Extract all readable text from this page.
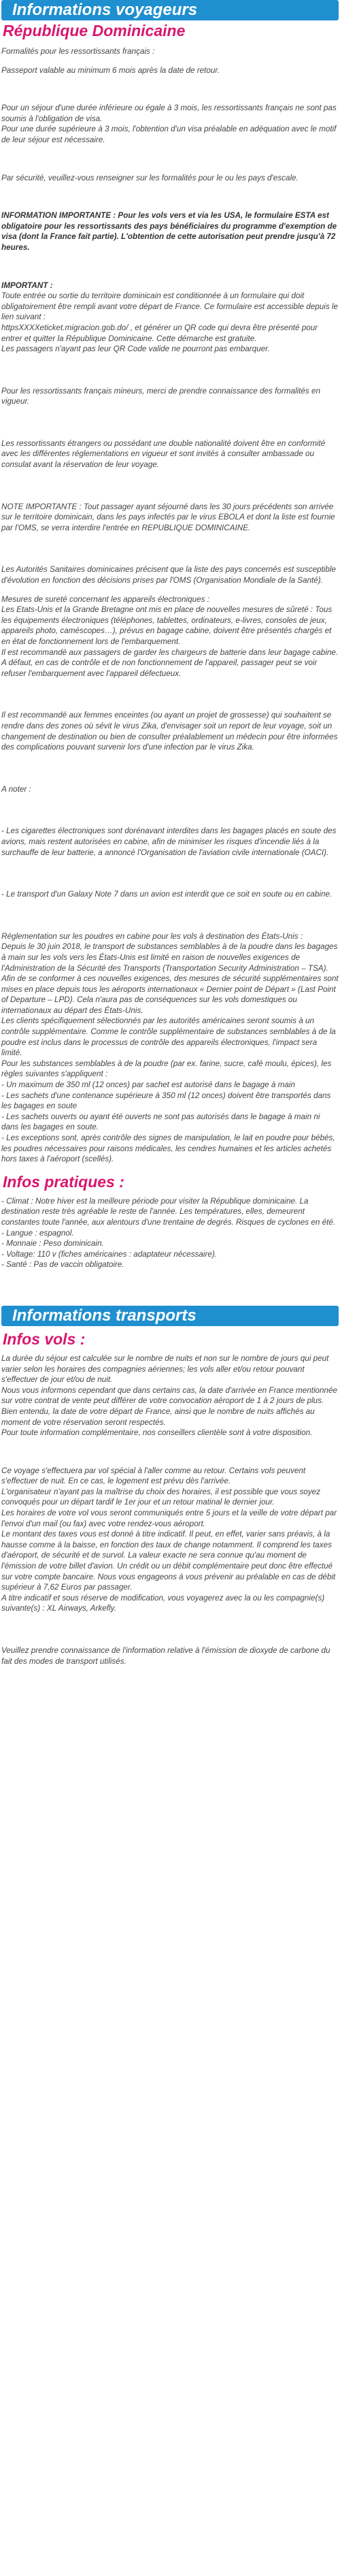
Informations voyageurs
République Dominicaine

Formalités pour les ressortissants français :

Passeport valable au minimum 6 mois après la date de retour.

Pour un séjour d'une durée inférieure ou égale à 3 mois, les ressortissants français ne sont pas soumis à l'obligation de visa.
Pour une durée supérieure à 3 mois, l'obtention d'un visa préalable en adéquation avec le motif de leur séjour est nécessaire.

Par sécurité, veuillez-vous renseigner sur les formalités pour le ou les pays d'escale.

INFORMATION IMPORTANTE : Pour les vols vers et via les USA, le formulaire ESTA est obligatoire pour les ressortissants des pays bénéficiaires du programme d'exemption de visa (dont la France fait partie). L'obtention de cette autorisation peut prendre jusqu'à 72 heures.

IMPORTANT :

Toute entrée ou sortie du territoire dominicain est conditionnée à un formulaire qui doit obligatoirement être rempli avant votre départ de France. Ce formulaire est accessible depuis le lien suivant :
httpsXXXXeticket.migracion.gob.do/ , et générer un QR code qui devra être présenté pour entrer et quitter la République Dominicaine. Cette démarche est gratuite.
Les passagers n'ayant pas leur QR Code valide ne pourront pas embarquer.

Pour les ressortissants français mineurs, merci de prendre connaissance des formalités en vigueur.

Les ressortissants étrangers ou possédant une double nationalité doivent être en conformité avec les différentes réglementations en vigueur et sont invités à consulter ambassade ou consulat avant la réservation de leur voyage.

NOTE IMPORTANTE : Tout passager ayant séjourné dans les 30 jours précédents son arrivée sur le territoire dominicain, dans les pays infectés par le virus EBOLA et dont la liste est fournie par l'OMS, se verra interdire l'entrée en REPUBLIQUE DOMINICAINE.

Les Autorités Sanitaires dominicaines précisent que la liste des pays concernés est susceptible d'évolution en fonction des décisions prises par l'OMS (Organisation Mondiale de la Santé).

Mesures de sureté concernant les appareils électroniques :
Les Etats-Unis et la Grande Bretagne ont mis en place de nouvelles mesures de sûreté : Tous les équipements électroniques (téléphones, tablettes, ordinateurs, e-livres, consoles de jeux, appareils photo, caméscopes…), prévus en bagage cabine, doivent être présentés chargés et en état de fonctionnement lors de l'embarquement.
Il est recommandé aux passagers de garder les chargeurs de batterie dans leur bagage cabine. A défaut, en cas de contrôle et de non fonctionnement de l'appareil, passager peut se voir refuser l'embarquement avec l'appareil défectueux.

Il est recommandé aux femmes enceintes (ou ayant un projet de grossesse) qui souhaitent se rendre dans des zones où sévit le virus Zika, d'envisager soit un report de leur voyage, soit un changement de destination ou bien de consulter préalablement un médecin pour être informées des complications pouvant survenir lors d'une infection par le virus Zika.

A noter :

- Les cigarettes électroniques sont dorénavant interdites dans les bagages placés en soute des avions, mais restent autorisées en cabine, afin de minimiser les risques d'incendie liés à la surchauffe de leur batterie, a annoncé l'Organisation de l'aviation civile internationale (OACI).

- Le transport d'un Galaxy Note 7 dans un avion est interdit que ce soit en soute ou en cabine.

Réglementation sur les poudres en cabine pour les vols à destination des États-Unis :
Depuis le 30 juin 2018, le transport de substances semblables à de la poudre dans les bagages à main sur les vols vers les États-Unis est limité en raison de nouvelles exigences de l'Administration de la Sécurité des Transports (Transportation Security Administration – TSA).
Afin de se conformer à ces nouvelles exigences, des mesures de sécurité supplémentaires sont mises en place depuis tous les aéroports internationaux « Dernier point de Départ » (Last Point of Departure – LPD). Cela n'aura pas de conséquences sur les vols domestiques ou internationaux au départ des États-Unis.
Les clients spécifiquement sélectionnés par les autorités américaines seront soumis à un contrôle supplémentaire. Comme le contrôle supplémentaire de substances semblables à de la poudre est inclus dans le processus de contrôle des appareils électroniques, l'impact sera limité.
Pour les substances semblables à de la poudre (par ex. farine, sucre, café moulu, épices), les règles suivantes s'appliquent :
- Un maximum de 350 ml (12 onces) par sachet est autorisé dans le bagage à main
- Les sachets d'une contenance supérieure à 350 ml (12 onces) doivent être transportés dans les bagages en soute
- Les sachets ouverts ou ayant été ouverts ne sont pas autorisés dans le bagage à main ni dans les bagages en soute.
- Les exceptions sont, après contrôle des signes de manipulation, le lait en poudre pour bébés, les poudres nécessaires pour raisons médicales, les cendres humaines et les articles achetés hors taxes à l'aéroport (scellés).

Infos pratiques :

- Climat : Notre hiver est la meilleure période pour visiter la République dominicaine. La destination reste très agréable le reste de l'année. Les températures, elles, demeurent constantes toute l'année, aux alentours d'une trentaine de degrés. Risques de cyclones en été.
- Langue : espagnol.
- Monnaie : Peso dominicain.
- Voltage: 110 v (fiches américaines : adaptateur nécessaire).
- Santé : Pas de vaccin obligatoire.

Informations transports
Infos vols :

La durée du séjour est calculée sur le nombre de nuits et non sur le nombre de jours qui peut varier selon les horaires des compagnies aériennes; les vols aller et/ou retour pouvant s'effectuer de jour et/ou de nuit.
Nous vous informons cependant que dans certains cas, la date d'arrivée en France mentionnée sur votre contrat de vente peut différer de votre convocation aéroport de 1 à 2 jours de plus. Bien entendu, la date de votre départ de France, ainsi que le nombre de nuits affichés au moment de votre réservation seront respectés.
Pour toute information complémentaire, nos conseillers clientèle sont à votre disposition.

Ce voyage s'effectuera par vol spécial à l'aller comme au retour. Certains vols peuvent s'effectuer de nuit. En ce cas, le logement est prévu dès l'arrivée.
L'organisateur n'ayant pas la maîtrise du choix des horaires, il est possible que vous soyez convoqués pour un départ tardif le 1er jour et un retour matinal le dernier jour.
Les horaires de votre vol vous seront communiqués entre 5 jours et la veille de votre départ par l'envoi d'un mail (ou fax) avec votre rendez-vous aéroport.
Le montant des taxes vous est donné à titre indicatif. Il peut, en effet, varier sans préavis, à la hausse comme à la baisse, en fonction des taux de change notamment. Il comprend les taxes d'aéroport, de sécurité et de survol. La valeur exacte ne sera connue qu'au moment de l'émission de votre billet d'avion. Un crédit ou un débit complémentaire peut donc être effectué sur votre compte bancaire. Nous vous engageons à vous prévenir au préalable en cas de débit supérieur à 7,62 Euros par passager.
A titre indicatif et sous réserve de modification, vous voyagerez avec la ou les compagnie(s) suivante(s) : XL Airways, Arkefly.

Veuillez prendre connaissance de l'information relative à l'émission de dioxyde de carbone du fait des modes de transport utilisés.
